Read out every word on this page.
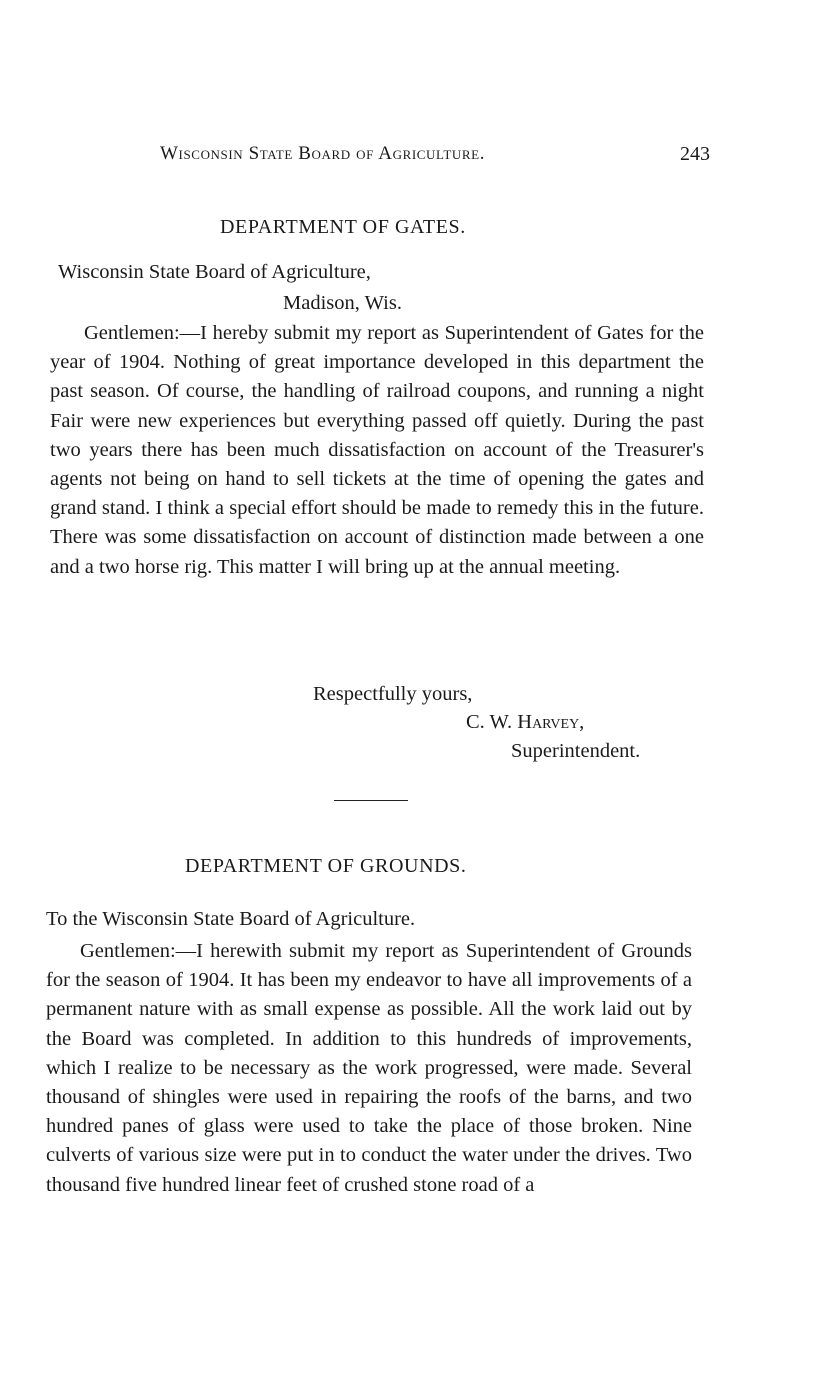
Wisconsin State Board of Agriculture.	243
DEPARTMENT OF GATES.
Wisconsin State Board of Agriculture,
Madison, Wis.

Gentlemen:—I hereby submit my report as Superintendent of Gates for the year of 1904. Nothing of great importance developed in this department the past season. Of course, the handling of railroad coupons, and running a night Fair were new experiences but everything passed off quietly. During the past two years there has been much dissatisfaction on account of the Treasurer's agents not being on hand to sell tickets at the time of opening the gates and grand stand. I think a special effort should be made to remedy this in the future. There was some dissatisfaction on account of distinction made between a one and a two horse rig. This matter I will bring up at the annual meeting.

Respectfully yours,
C. W. Harvey,
Superintendent.
DEPARTMENT OF GROUNDS.
To the Wisconsin State Board of Agriculture.

Gentlemen:—I herewith submit my report as Superintendent of Grounds for the season of 1904. It has been my endeavor to have all improvements of a permanent nature with as small expense as possible. All the work laid out by the Board was completed. In addition to this hundreds of improvements, which I realize to be necessary as the work progressed, were made. Several thousand of shingles were used in repairing the roofs of the barns, and two hundred panes of glass were used to take the place of those broken. Nine culverts of various size were put in to conduct the water under the drives. Two thousand five hundred linear feet of crushed stone road of a
